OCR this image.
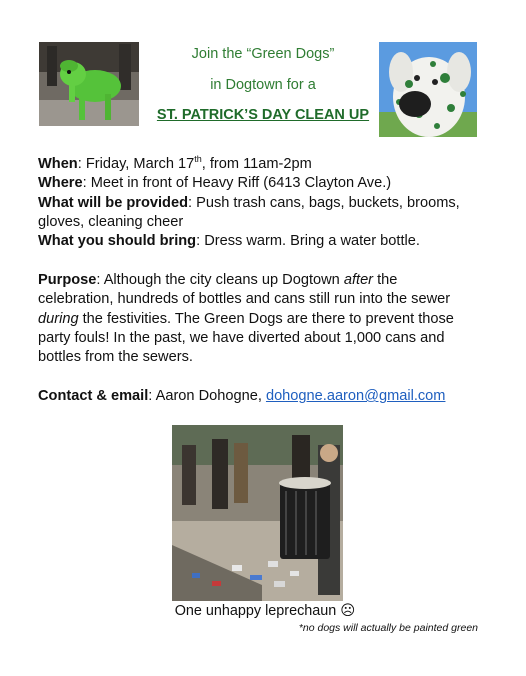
Join the “Green Dogs”
in Dogtown for a
ST. PATRICK’S DAY CLEAN UP
When: Friday, March 17th, from 11am-2pm
Where: Meet in front of Heavy Riff (6413 Clayton Ave.)
What will be provided: Push trash cans, bags, buckets, brooms,
gloves, cleaning cheer
What you should bring: Dress warm. Bring a water bottle.
Purpose: Although the city cleans up Dogtown after the
celebration, hundreds of bottles and cans still run into the sewer
during the festivities. The Green Dogs are there to prevent those
party fouls! In the past, we have diverted about 1,000 cans and
bottles from the sewers.
Contact & email: Aaron Dohogne, dohogne.aaron@gmail.com
One unhappy leprechaun ☹
*no dogs will actually be painted green
